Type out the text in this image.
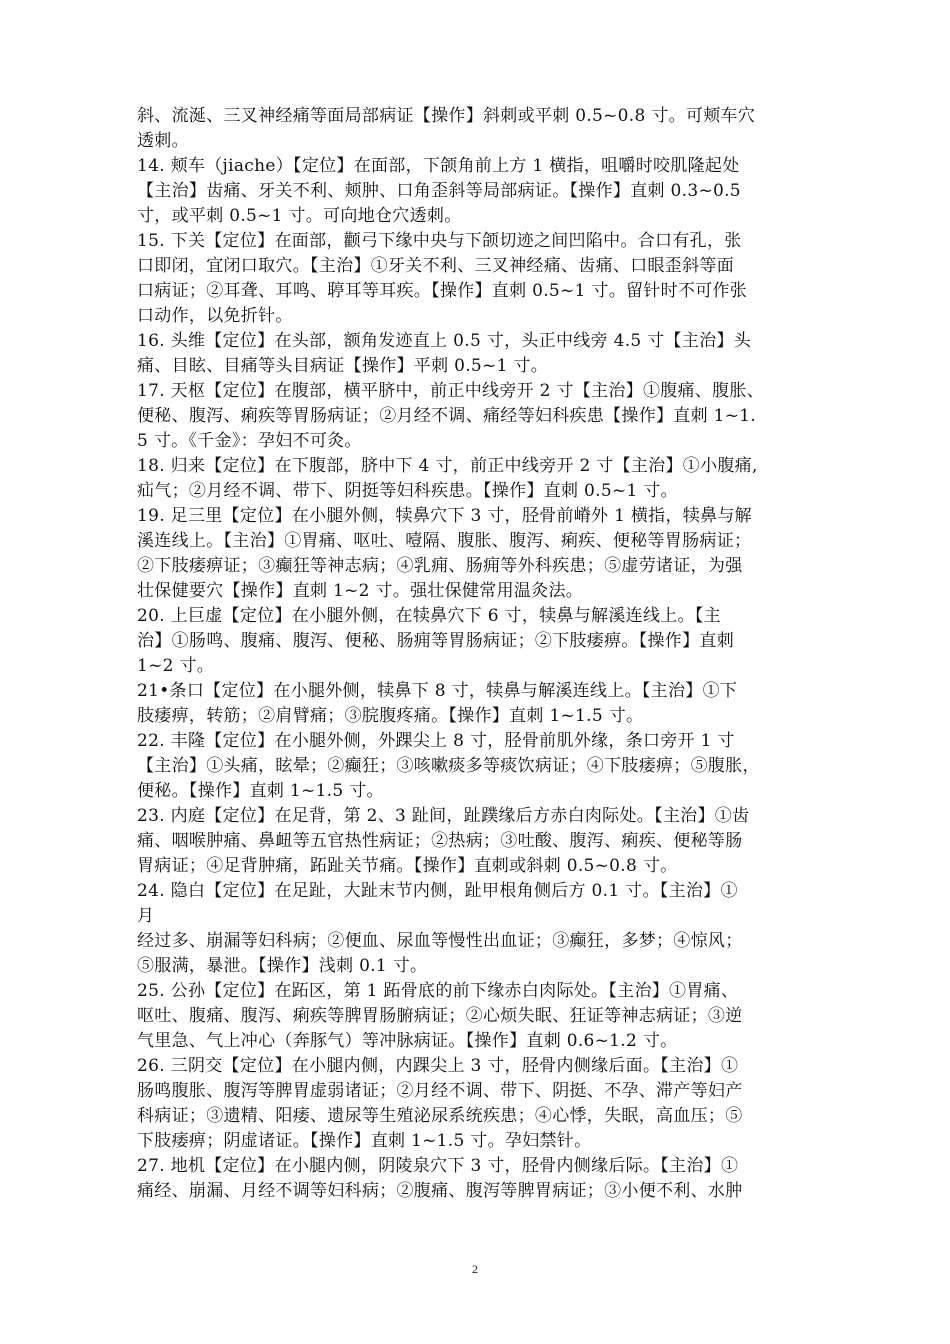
斜、流涎、三叉神经痛等面局部病证【操作】斜刺或平刺 0.5~0.8 寸。可颊车穴
透刺。
14. 颊车（jiache）【定位】在面部，下颌角前上方 1 横指，咀嚼时咬肌隆起处
【主治】齿痛、牙关不利、颊肿、口角歪斜等局部病证。【操作】直刺 0.3~0.5
寸，或平刺 0.5~1 寸。可向地仓穴透刺。
15. 下关【定位】在面部，颧弓下缘中央与下颌切迹之间凹陷中。合口有孔，张
口即闭，宜闭口取穴。【主治】①牙关不利、三叉神经痛、齿痛、口眼歪斜等面
口病证；②耳聋、耳鸣、聤耳等耳疾。【操作】直刺 0.5~1 寸。留针时不可作张
口动作，以免折针。
16. 头维【定位】在头部，额角发迹直上 0.5 寸，头正中线旁 4.5 寸【主治】头
痛、目眩、目痛等头目病证【操作】平刺 0.5~1 寸。
17. 天枢【定位】在腹部，横平脐中，前正中线旁开 2 寸【主治】①腹痛、腹胀、
便秘、腹泻、痢疾等胃肠病证；②月经不调、痛经等妇科疾患【操作】直刺 1~1.
5 寸。《千金》：孕妇不可灸。
18. 归来【定位】在下腹部，脐中下 4 寸，前正中线旁开 2 寸【主治】①小腹痛,
疝气；②月经不调、带下、阴挺等妇科疾患。【操作】直刺 0.5~1 寸。
19. 足三里【定位】在小腿外侧，犊鼻穴下 3 寸，胫骨前嵴外 1 横指，犊鼻与解
溪连线上。【主治】①胃痛、呕吐、噎隔、腹胀、腹泻、痢疾、便秘等胃肠病证；
②下肢痿痹证；③癫狂等神志病；④乳痈、肠痈等外科疾患；⑤虚劳诸证，为强
壮保健要穴【操作】直刺 1~2 寸。强壮保健常用温灸法。
20. 上巨虚【定位】在小腿外侧，在犊鼻穴下 6 寸，犊鼻与解溪连线上。【主
治】①肠鸣、腹痛、腹泻、便秘、肠痈等胃肠病证；②下肢痿痹。【操作】直刺
1~2 寸。
21•条口【定位】在小腿外侧，犊鼻下 8 寸，犊鼻与解溪连线上。【主治】①下
肢痿痹，转筋；②肩臂痛；③脘腹疼痛。【操作】直刺 1~1.5 寸。
22. 丰隆【定位】在小腿外侧，外踝尖上 8 寸，胫骨前肌外缘，条口旁开 1 寸
【主治】①头痛，眩晕；②癫狂；③咳嗽痰多等痰饮病证；④下肢痿痹；⑤腹胀，
便秘。【操作】直刺 1~1.5 寸。
23. 内庭【定位】在足背，第 2、3 趾间，趾蹼缘后方赤白肉际处。【主治】①齿
痛、咽喉肿痛、鼻衄等五官热性病证；②热病；③吐酸、腹泻、痢疾、便秘等肠
胃病证；④足背肿痛，跖趾关节痛。【操作】直刺或斜刺 0.5~0.8 寸。
24. 隐白【定位】在足趾，大趾末节内侧，趾甲根角侧后方 0.1 寸。【主治】①
月
经过多、崩漏等妇科病；②便血、尿血等慢性出血证；③癫狂，多梦；④惊风；
⑤服满，暴泄。【操作】浅刺 0.1 寸。
25. 公孙【定位】在跖区，第 1 跖骨底的前下缘赤白肉际处。【主治】①胃痛、
呕吐、腹痛、腹泻、痢疾等脾胃肠腑病证；②心烦失眠、狂证等神志病证；③逆
气里急、气上冲心（奔豚气）等冲脉病证。【操作】直刺 0.6~1.2 寸。
26. 三阴交【定位】在小腿内侧，内踝尖上 3 寸，胫骨内侧缘后面。【主治】①
肠鸣腹胀、腹泻等脾胃虚弱诸证；②月经不调、带下、阴挺、不孕、滞产等妇产
科病证；③遗精、阳痿、遗尿等生殖泌尿系统疾患；④心悸，失眠，高血压；⑤
下肢痿痹；阴虚诸证。【操作】直刺 1~1.5 寸。孕妇禁针。
27. 地机【定位】在小腿内侧，阴陵泉穴下 3 寸，胫骨内侧缘后际。【主治】①
痛经、崩漏、月经不调等妇科病；②腹痛、腹泻等脾胃病证；③小便不利、水肿
2
